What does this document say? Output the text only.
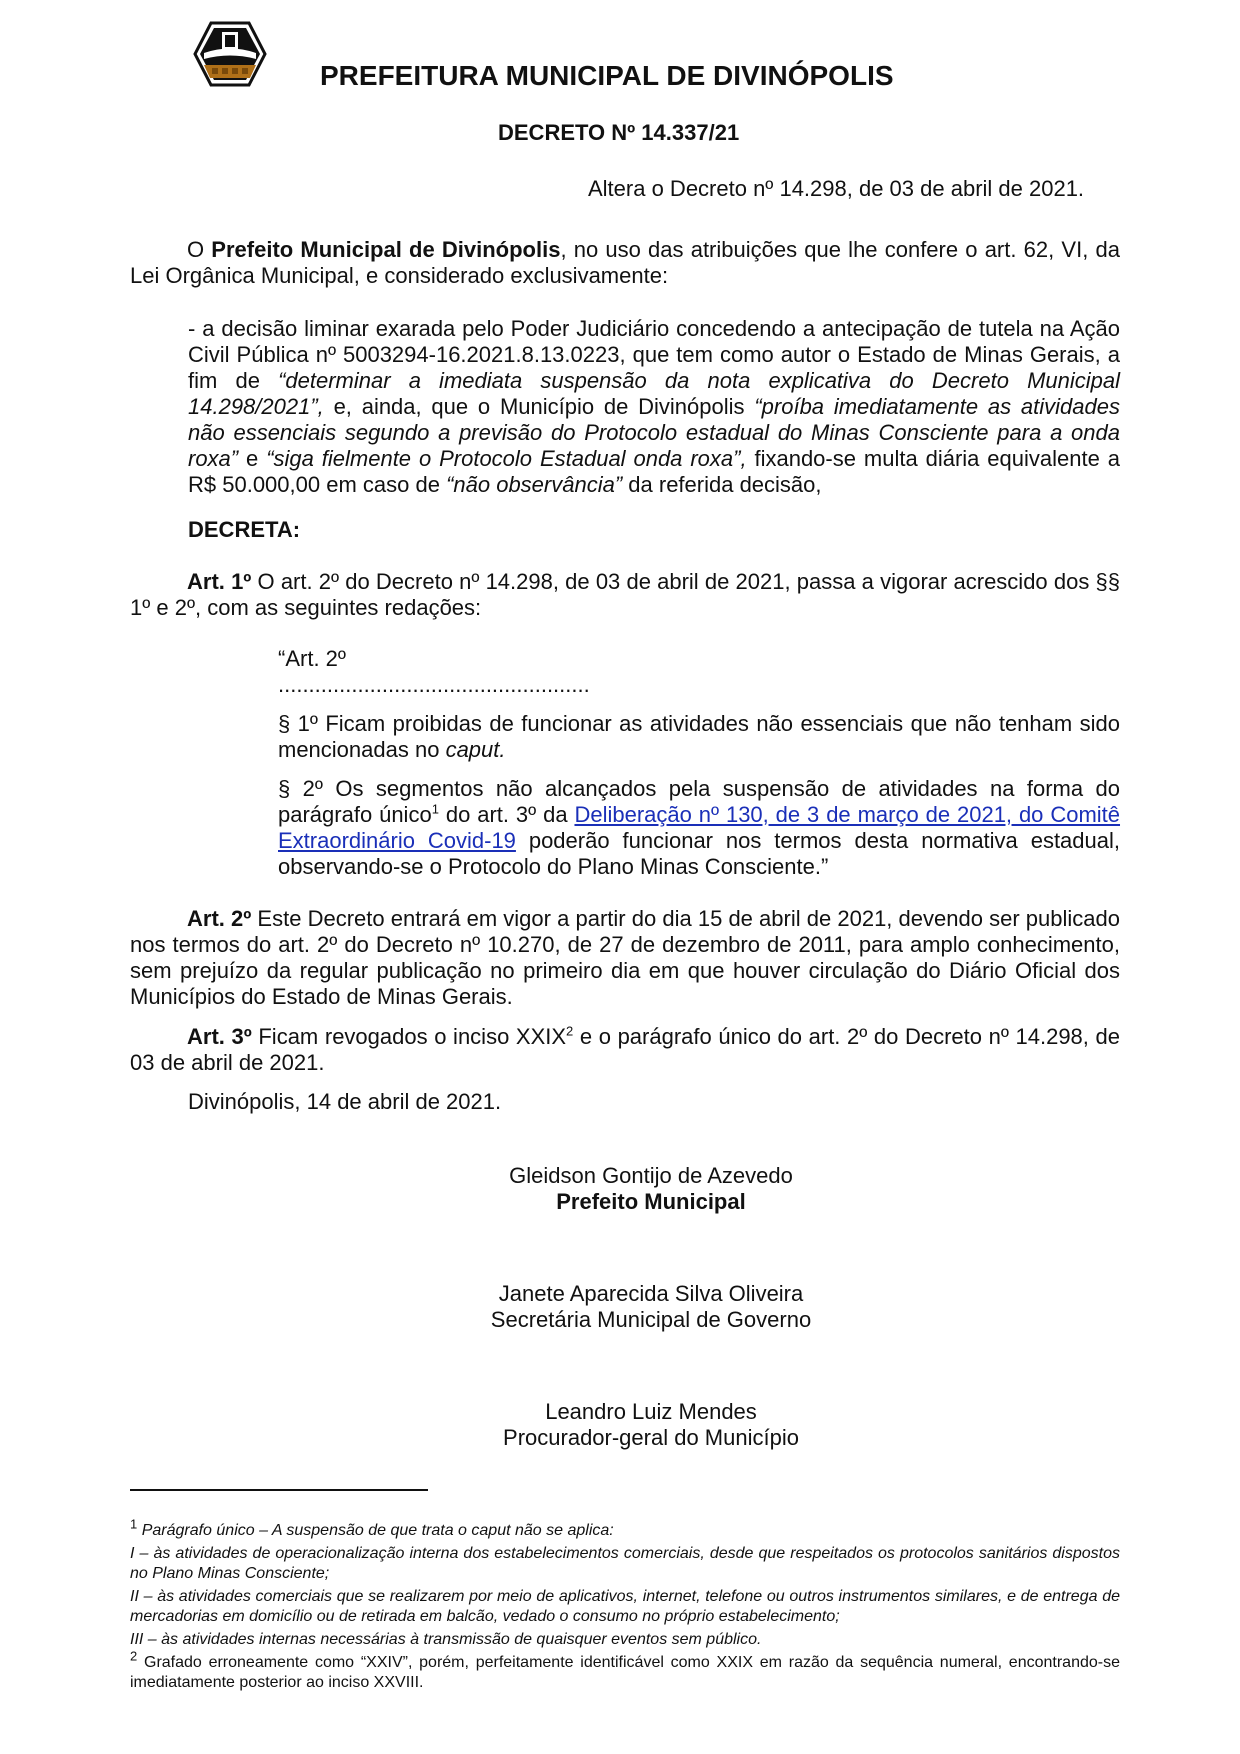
PREFEITURA MUNICIPAL DE DIVINÓPOLIS
DECRETO Nº 14.337/21
Altera o Decreto nº 14.298, de 03 de abril de 2021.
O Prefeito Municipal de Divinópolis, no uso das atribuições que lhe confere o art. 62, VI, da Lei Orgânica Municipal, e considerado exclusivamente:
- a decisão liminar exarada pelo Poder Judiciário concedendo a antecipação de tutela na Ação Civil Pública nº 5003294-16.2021.8.13.0223, que tem como autor o Estado de Minas Gerais, a fim de “determinar a imediata suspensão da nota explicativa do Decreto Municipal 14.298/2021”, e, ainda, que o Município de Divinópolis “proíba imediatamente as atividades não essenciais segundo a previsão do Protocolo estadual do Minas Consciente para a onda roxa” e “siga fielmente o Protocolo Estadual onda roxa”, fixando-se multa diária equivalente a R$ 50.000,00 em caso de “não observância” da referida decisão,
DECRETA:
Art. 1º O art. 2º do Decreto nº 14.298, de 03 de abril de 2021, passa a vigorar acrescido dos §§ 1º e 2º, com as seguintes redações:
“Art. 2º
...................................................
§ 1º Ficam proibidas de funcionar as atividades não essenciais que não tenham sido mencionadas no caput.
§ 2º Os segmentos não alcançados pela suspensão de atividades na forma do parágrafo único$^1$ do art. 3º da Deliberação nº 130, de 3 de março de 2021, do Comitê Extraordinário Covid-19 poderão funcionar nos termos desta normativa estadual, observando-se o Protocolo do Plano Minas Consciente.”
Art. 2º Este Decreto entrará em vigor a partir do dia 15 de abril de 2021, devendo ser publicado nos termos do art. 2º do Decreto nº 10.270, de 27 de dezembro de 2011, para amplo conhecimento, sem prejuízo da regular publicação no primeiro dia em que houver circulação do Diário Oficial dos Municípios do Estado de Minas Gerais.
Art. 3º Ficam revogados o inciso XXIX$^2$ e o parágrafo único do art. 2º do Decreto nº 14.298, de 03 de abril de 2021.
Divinópolis, 14 de abril de 2021.
Gleidson Gontijo de Azevedo
Prefeito Municipal
Janete Aparecida Silva Oliveira
Secretária Municipal de Governo
Leandro Luiz Mendes
Procurador-geral do Município
$^1$ Parágrafo único – A suspensão de que trata o caput não se aplica:
I – às atividades de operacionalização interna dos estabelecimentos comerciais, desde que respeitados os protocolos sanitários dispostos no Plano Minas Consciente;
II – às atividades comerciais que se realizarem por meio de aplicativos, internet, telefone ou outros instrumentos similares, e de entrega de mercadorias em domicílio ou de retirada em balcão, vedado o consumo no próprio estabelecimento;
III – às atividades internas necessárias à transmissão de quaisquer eventos sem público.
$^2$ Grafado erroneamente como “XXIV”, porém, perfeitamente identificável como XXIX em razão da sequência numeral, encontrando-se imediatamente posterior ao inciso XXVIII.
